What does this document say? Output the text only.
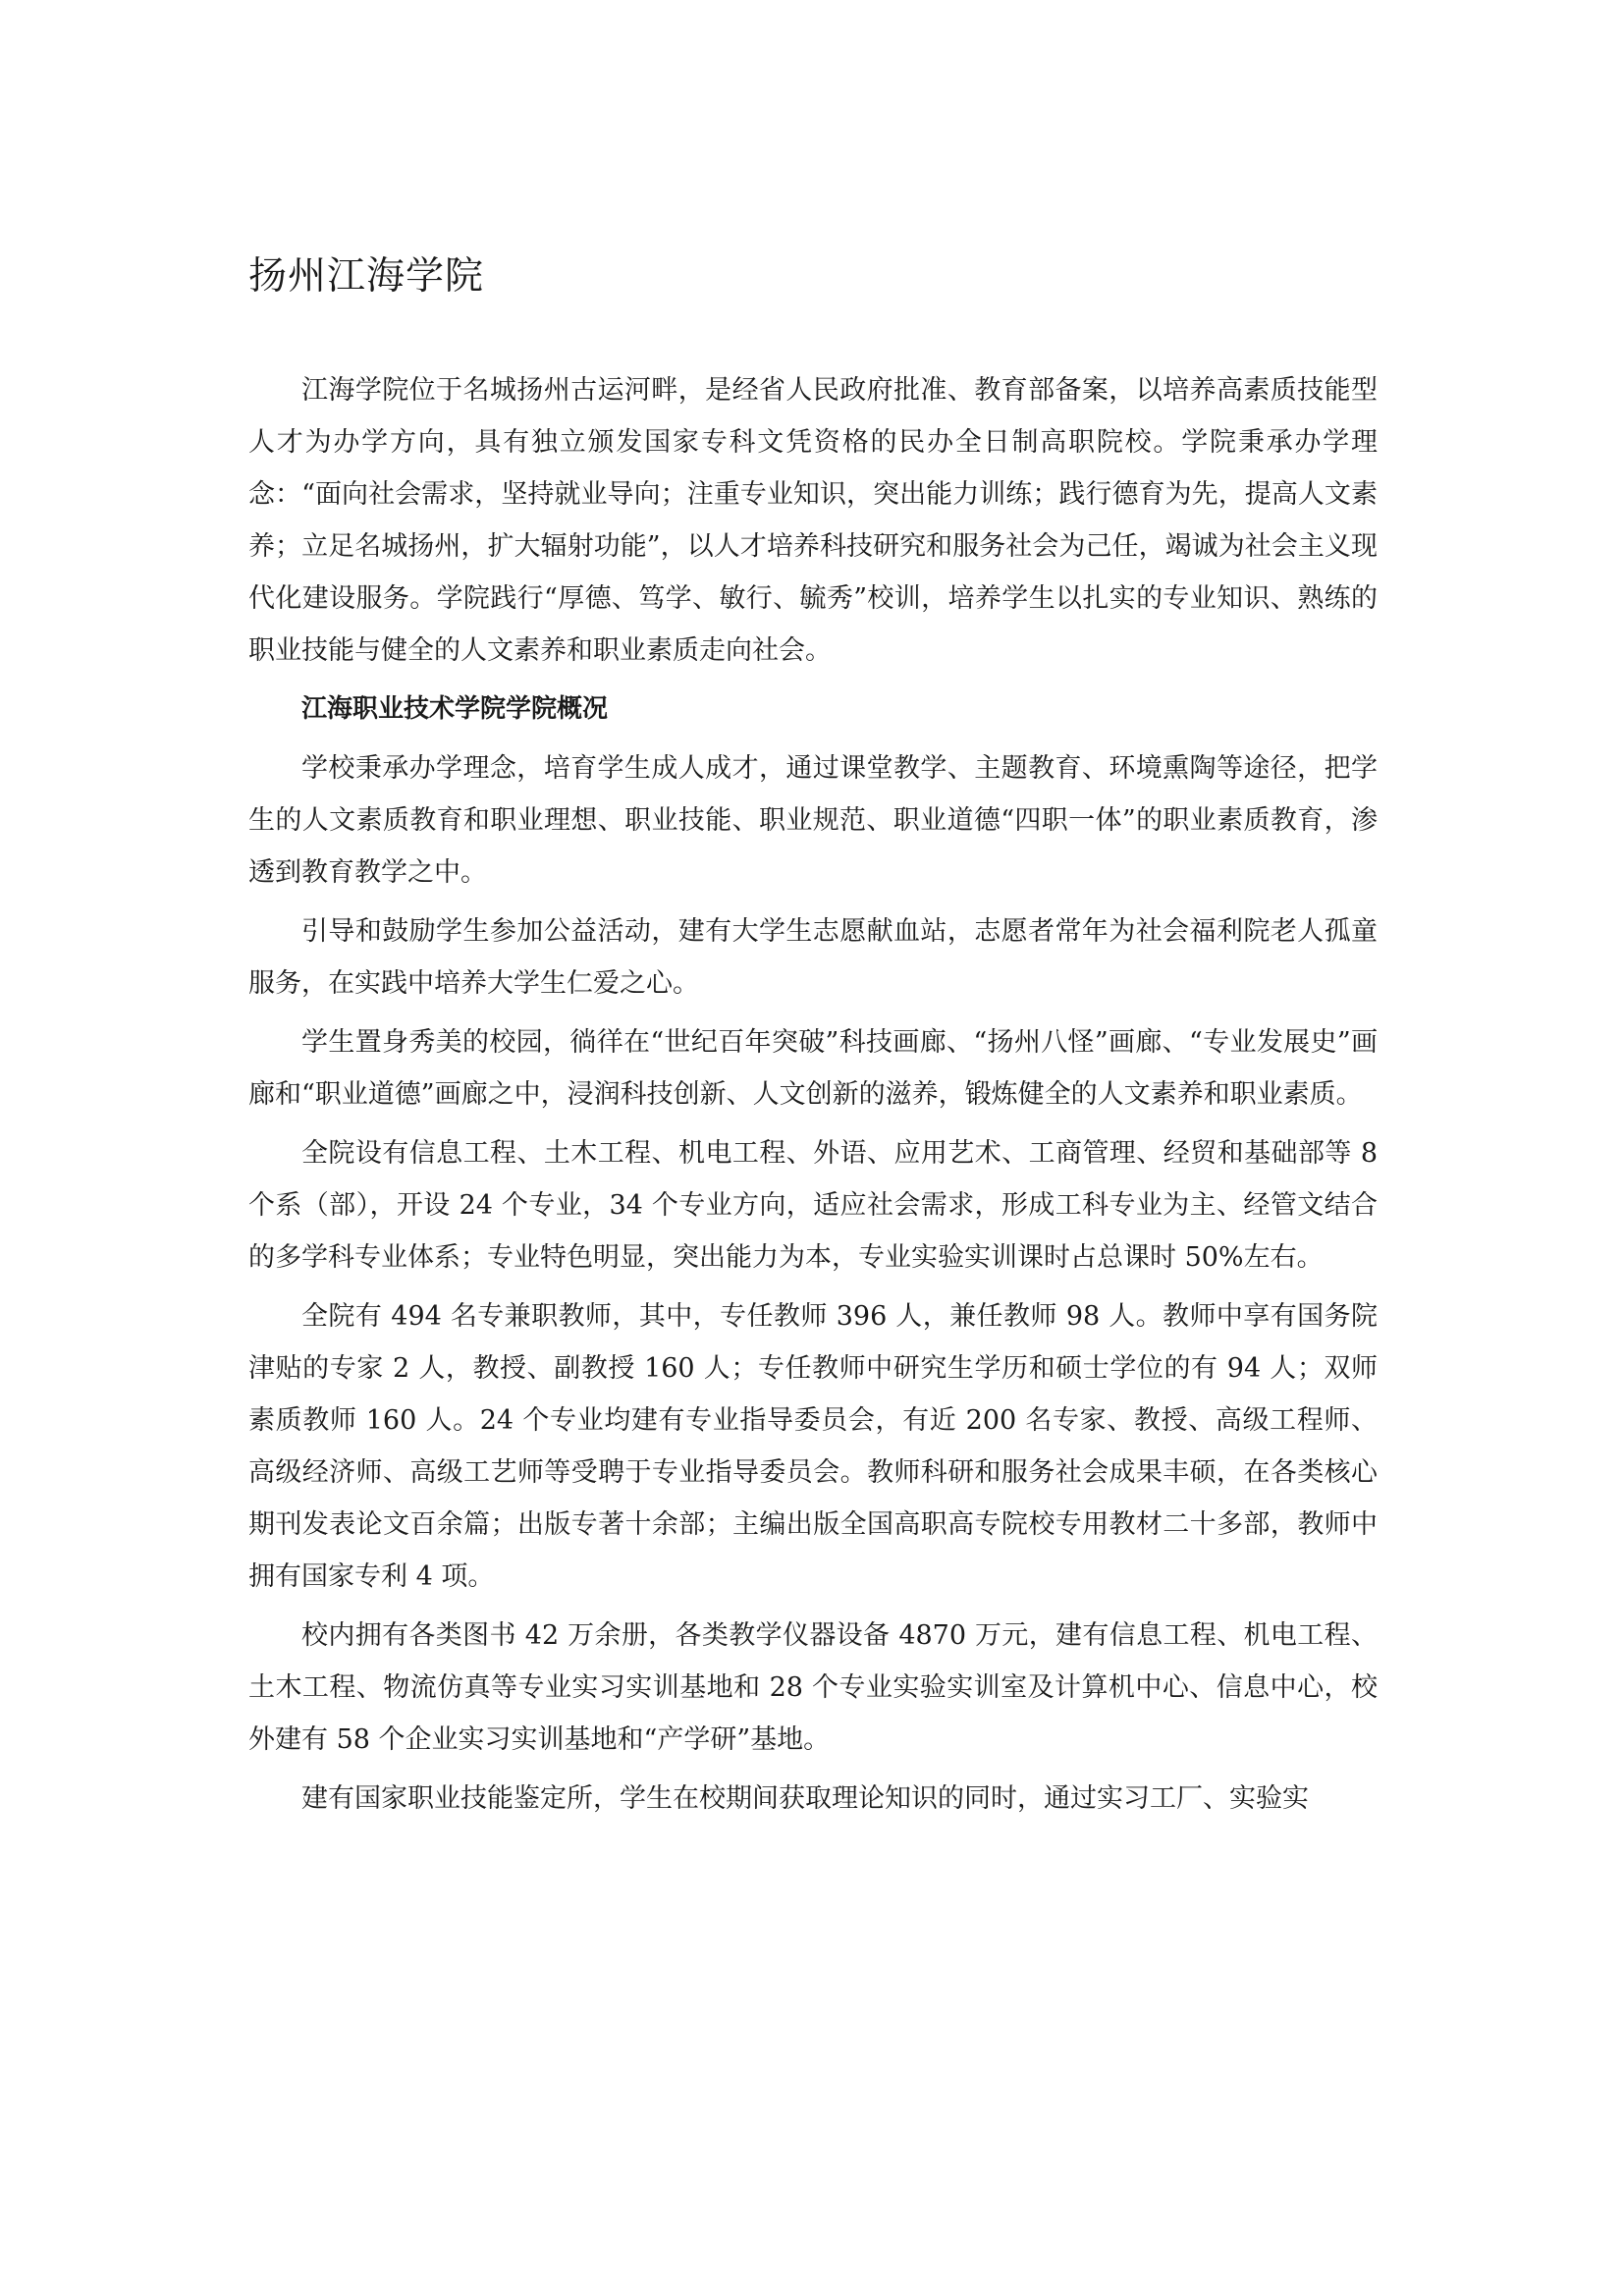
扬州江海学院

江海学院位于名城扬州古运河畔，是经省人民政府批准、教育部备案，以培养高素质技能型人才为办学方向，具有独立颁发国家专科文凭资格的民办全日制高职院校。学院秉承办学理念：“面向社会需求，坚持就业导向；注重专业知识，突出能力训练；践行德育为先，提高人文素养；立足名城扬州，扩大辐射功能”，以人才培养科技研究和服务社会为己任，竭诚为社会主义现代化建设服务。学院践行“厚德、笃学、敏行、毓秀”校训，培养学生以扎实的专业知识、熟练的职业技能与健全的人文素养和职业素质走向社会。

江海职业技术学院学院概况

学校秉承办学理念，培育学生成人成才，通过课堂教学、主题教育、环境熏陶等途径，把学生的人文素质教育和职业理想、职业技能、职业规范、职业道德“四职一体”的职业素质教育，渗透到教育教学之中。

引导和鼓励学生参加公益活动，建有大学生志愿献血站，志愿者常年为社会福利院老人孤童服务，在实践中培养大学生仁爱之心。

学生置身秀美的校园，徜徉在“世纪百年突破”科技画廊、“扬州八怪”画廊、“专业发展史”画廊和“职业道德”画廊之中，浸润科技创新、人文创新的滋养，锻炼健全的人文素养和职业素质。

全院设有信息工程、土木工程、机电工程、外语、应用艺术、工商管理、经贸和基础部等 8 个系（部），开设 24 个专业，34 个专业方向，适应社会需求，形成工科专业为主、经管文结合的多学科专业体系；专业特色明显，突出能力为本，专业实验实训课时占总课时 50%左右。

全院有 494 名专兼职教师，其中，专任教师 396 人，兼任教师 98 人。教师中享有国务院津贴的专家 2 人，教授、副教授 160 人；专任教师中研究生学历和硕士学位的有 94 人；双师素质教师 160 人。24 个专业均建有专业指导委员会，有近 200 名专家、教授、高级工程师、高级经济师、高级工艺师等受聘于专业指导委员会。教师科研和服务社会成果丰硕，在各类核心期刊发表论文百余篇；出版专著十余部；主编出版全国高职高专院校专用教材二十多部，教师中拥有国家专利 4 项。

校内拥有各类图书 42 万余册，各类教学仪器设备 4870 万元，建有信息工程、机电工程、土木工程、物流仿真等专业实习实训基地和 28 个专业实验实训室及计算机中心、信息中心，校外建有 58 个企业实习实训基地和“产学研”基地。

建有国家职业技能鉴定所，学生在校期间获取理论知识的同时，通过实习工厂、实验实
